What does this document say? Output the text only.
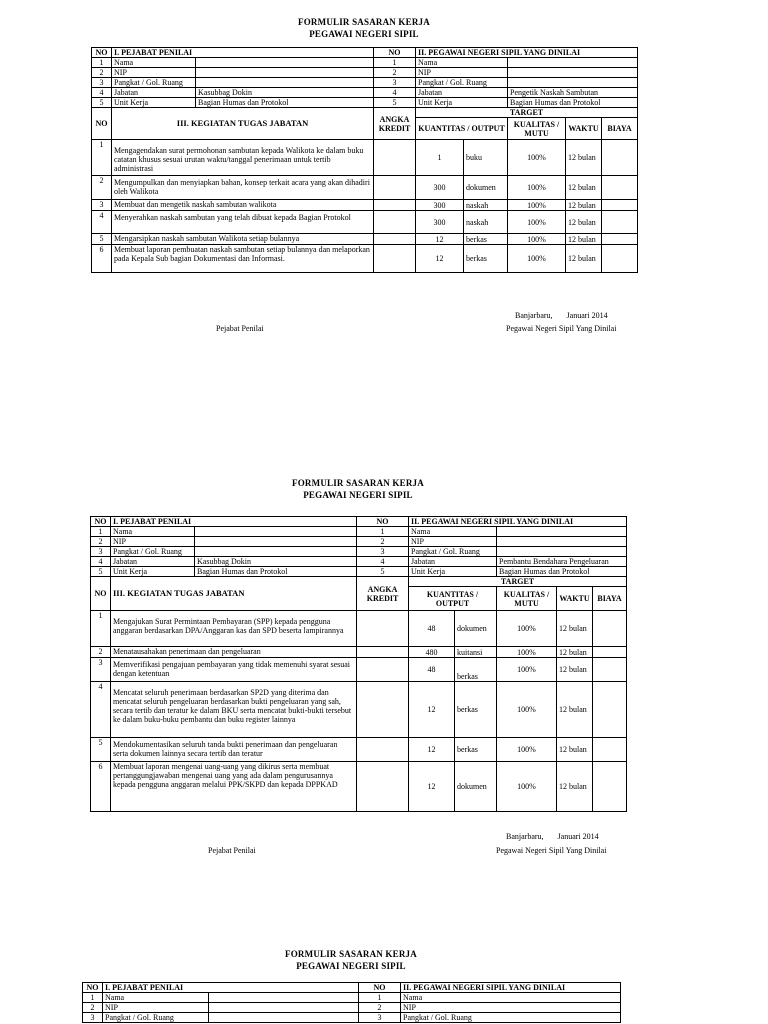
FORMULIR SASARAN KERJA
PEGAWAI NEGERI SIPIL
NO	I. PEJABAT PENILAI		NO	II. PEGAWAI NEGERI SIPIL YANG DINILAI				
1	Nama		1	Nama				
2	NIP		2	NIP				
3	Pangkat / Gol. Ruang		3	Pangkat / Gol. Ruang				
4	Jabatan	Kasubbag Dokin	4	Jabatan		Pengetik Naskah Sambutan		
5	Unit Kerja	Bagian Humas dan Protokol	5	Unit Kerja		Bagian Humas dan Protokol		
NO	III. KEGIATAN TUGAS JABATAN		ANGKA KREDIT	TARGET				
				KUANTITAS / OUTPUT		KUALITAS / MUTU	WAKTU	BIAYA
1	Mengagendakan surat permohonan sambutan kepada Walikota ke dalam buku catatan khusus sesuai urutan waktu/tanggal penerimaan untuk tertib administrasi			1	buku	100%	12 bulan	
2	Mengumpulkan dan menyiapkan bahan, konsep terkait acara yang akan dihadiri oleh Walikota			300	dokumen	100%	12 bulan	
3	Membuat dan mengetik naskah sambutan walikota			300	naskah	100%	12 bulan	
4	Menyerahkan naskah sambutan yang telah dibuat kepada Bagian Protokol			300	naskah	100%	12 bulan	
5	Mengarsipkan naskah sambutan Walikota setiap bulannya			12	berkas	100%	12 bulan	
6	Membuat laporan pembuatan naskah sambutan setiap bulannya dan melaporkan pada Kepala Sub bagian Dokumentasi dan Informasi.			12	berkas	100%	12 bulan	
Banjarbaru, Januari 2014
Pejabat Penilai	Pegawai Negeri Sipil Yang Dinilai
FORMULIR SASARAN KERJA
PEGAWAI NEGERI SIPIL
NO	I. PEJABAT PENILAI		NO	II. PEGAWAI NEGERI SIPIL YANG DINILAI				
1	Nama		1	Nama				
2	NIP		2	NIP				
3	Pangkat / Gol. Ruang		3	Pangkat / Gol. Ruang				
4	Jabatan	Kasubbag Dokin	4	Jabatan		Pembantu Bendahara Pengeluaran		
5	Unit Kerja	Bagian Humas dan Protokol	5	Unit Kerja		Bagian Humas dan Protokol		
NO	III. KEGIATAN TUGAS JABATAN		ANGKA KREDIT	TARGET				
				KUANTITAS / OUTPUT		KUALITAS / MUTU	WAKTU	BIAYA
1	Mengajukan Surat Permintaan Pembayaran (SPP) kepada pengguna anggaran berdasarkan DPA/Anggaran kas dan SPD beserta lampirannya			48	dokumen	100%	12 bulan	
2	Menatausahakan penerimaan dan pengeluaran			480	kuitansi	100%	12 bulan	
3	Memverifikasi pengajuan pembayaran yang tidak memenuhi syarat sesuai dengan ketentuan			48	berkas	100%	12 bulan	
4	Mencatat seluruh penerimaan berdasarkan SP2D yang diterima dan mencatat seluruh pengeluaran berdasarkan bukti pengeluaran yang sah, secara tertib dan teratur ke dalam BKU serta mencatat bukti-bukti tersebut ke dalam buku-buku pembantu dan buku register lainnya			12	berkas	100%	12 bulan	
5	Mendokumentasikan seluruh tanda bukti penerimaan dan pengeluaran serta dokumen lainnya secara tertib dan teratur			12	berkas	100%	12 bulan	
6	Membuat laporan mengenai uang-uang yang dikirus serta membuat pertanggungjawaban mengenai uang yang ada dalam pengurusannya kepada pengguna anggaran melalui PPK/SKPD dan kepada DPPKAD			12	dokumen	100%	12 bulan	
Banjarbaru, Januari 2014
Pejabat Penilai	Pegawai Negeri Sipil Yang Dinilai
FORMULIR SASARAN KERJA
PEGAWAI NEGERI SIPIL
NO	I. PEJABAT PENILAI		NO	II. PEGAWAI NEGERI SIPIL YANG DINILAI
1	Nama		1	Nama
2	NIP		2	NIP
3	Pangkat / Gol. Ruang		3	Pangkat / Gol. Ruang
